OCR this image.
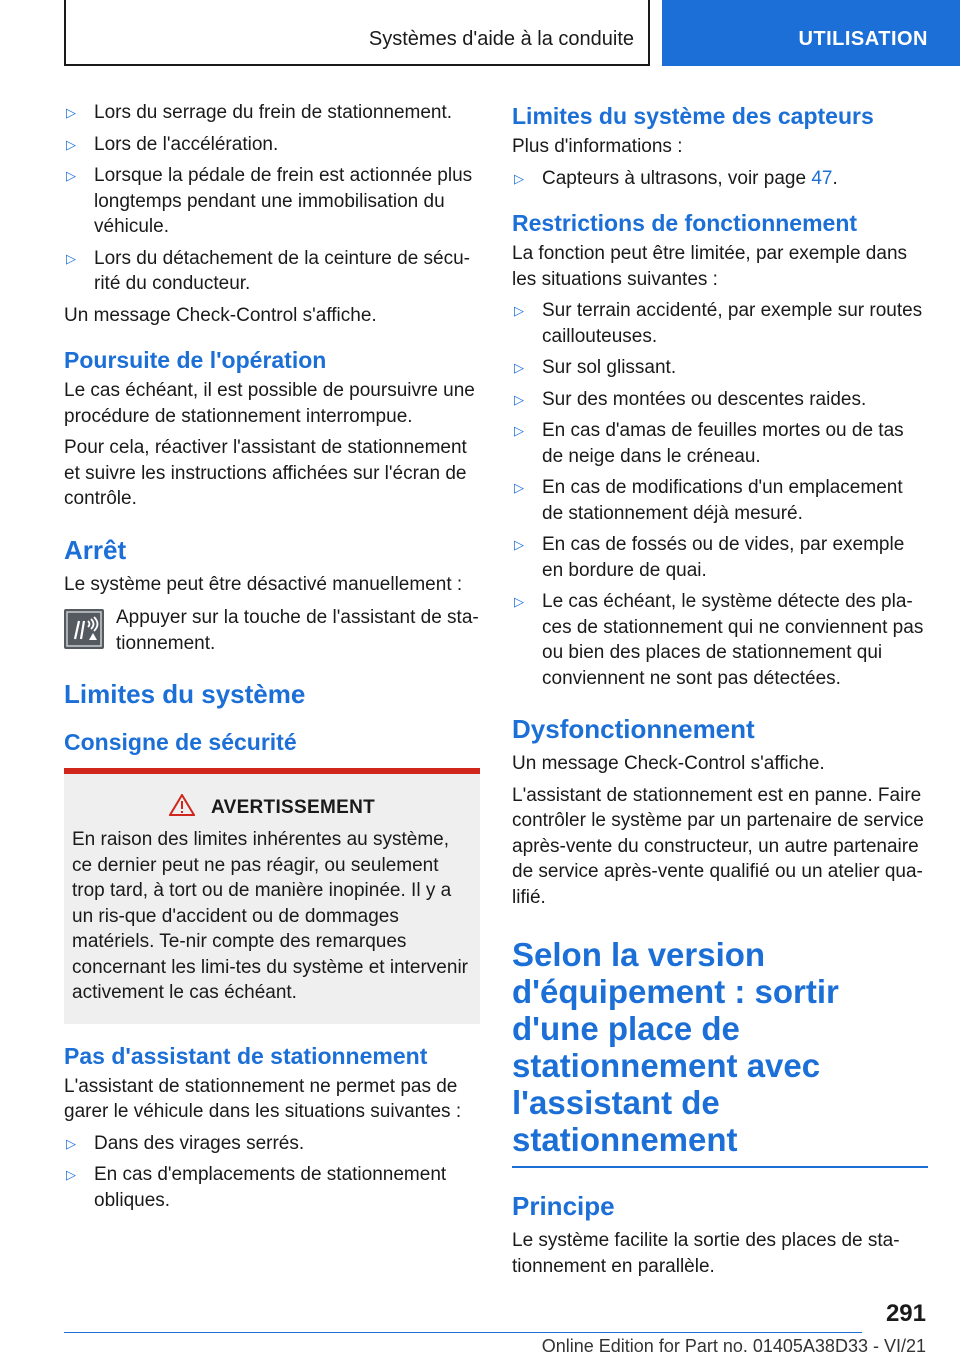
Systèmes d'aide à la conduite	UTILISATION
▷ Lors du serrage du frein de stationnement.
▷ Lors de l'accélération.
▷ Lorsque la pédale de frein est actionnée plus longtemps pendant une immobilisation du véhicule.
▷ Lors du détachement de la ceinture de sécu-rité du conducteur.

Un message Check-Control s'affiche.

Poursuite de l'opération

Le cas échéant, il est possible de poursuivre une procédure de stationnement interrompue.

Pour cela, réactiver l'assistant de stationnement et suivre les instructions affichées sur l'écran de contrôle.

Arrêt

Le système peut être désactivé manuellement :

Appuyer sur la touche de l'assistant de sta-tionnement.
Limites du système
Consigne de sécurité
AVERTISSEMENT
En raison des limites inhérentes au système, ce dernier peut ne pas réagir, ou seulement trop tard, à tort ou de manière inopinée. Il y a un ris-que d'accident ou de dommages matériels. Te-nir compte des remarques concernant les limi-tes du système et intervenir activement le cas échéant.
Pas d'assistant de stationnement

L'assistant de stationnement ne permet pas de garer le véhicule dans les situations suivantes :

▷ Dans des virages serrés.
▷ En cas d'emplacements de stationnement obliques.
Limites du système des capteurs

Plus d'informations :

▷ Capteurs à ultrasons, voir page 47.
Restrictions de fonctionnement

La fonction peut être limitée, par exemple dans les situations suivantes :

▷ Sur terrain accidenté, par exemple sur routes caillouteuses.
▷ Sur sol glissant.
▷ Sur des montées ou descentes raides.
▷ En cas d'amas de feuilles mortes ou de tas de neige dans le créneau.
▷ En cas de modifications d'un emplacement de stationnement déjà mesuré.
▷ En cas de fossés ou de vides, par exemple en bordure de quai.
▷ Le cas échéant, le système détecte des pla-ces de stationnement qui ne conviennent pas ou bien des places de stationnement qui conviennent ne sont pas détectées.
Dysfonctionnement

Un message Check-Control s'affiche.

L'assistant de stationnement est en panne. Faire contrôler le système par un partenaire de service après-vente du constructeur, un autre partenaire de service après-vente qualifié ou un atelier qua-lifié.

Selon la version d'équipement : sortir d'une place de stationnement avec l'assistant de stationnement
Principe

Le système facilite la sortie des places de sta-tionnement en parallèle.

291
Online Edition for Part no. 01405A38D33 - VI/21
